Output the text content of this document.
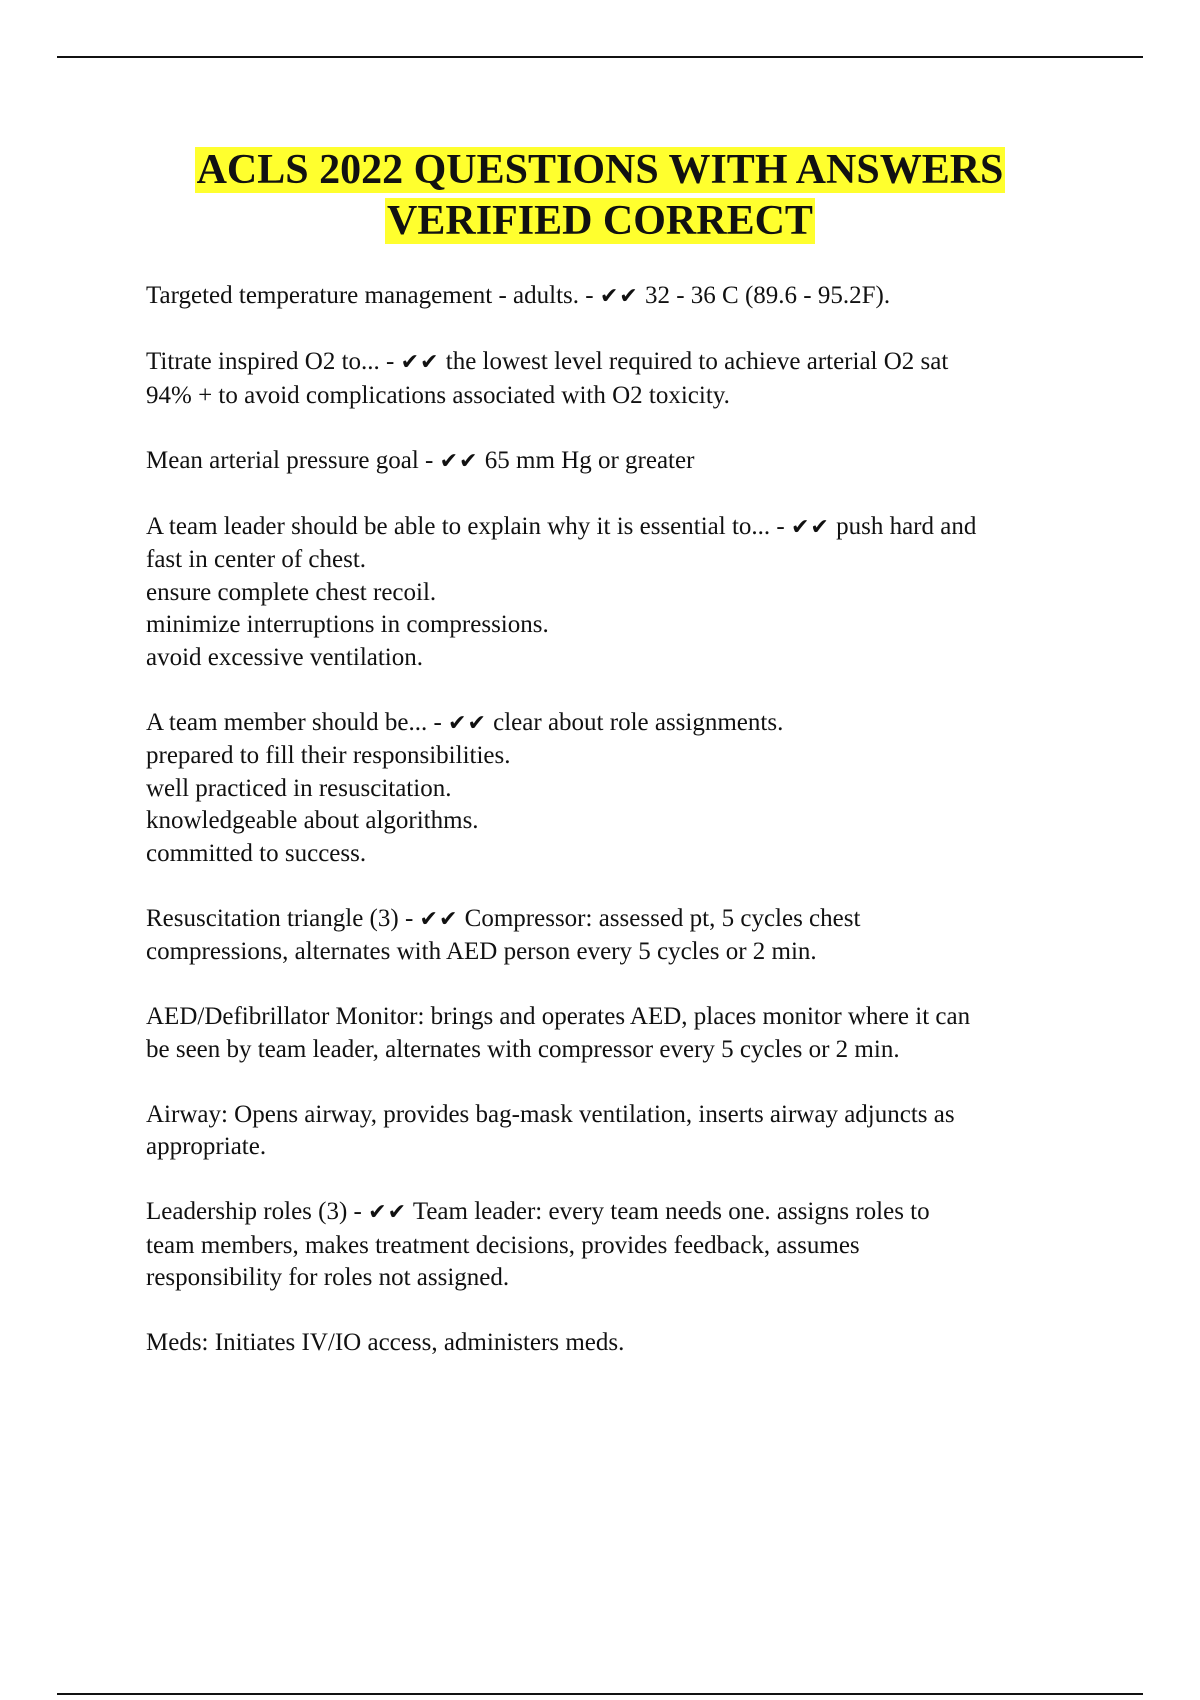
ACLS 2022 QUESTIONS WITH ANSWERS
VERIFIED CORRECT

Targeted temperature management - adults. - ✔✔ 32 - 36 C (89.6 - 95.2F).

Titrate inspired O2 to... - ✔✔ the lowest level required to achieve arterial O2 sat
94% + to avoid complications associated with O2 toxicity.

Mean arterial pressure goal - ✔✔ 65 mm Hg or greater

A team leader should be able to explain why it is essential to... - ✔✔ push hard and
fast in center of chest.
ensure complete chest recoil.
minimize interruptions in compressions.
avoid excessive ventilation.

A team member should be... - ✔✔ clear about role assignments.
prepared to fill their responsibilities.
well practiced in resuscitation.
knowledgeable about algorithms.
committed to success.

Resuscitation triangle (3) - ✔✔ Compressor: assessed pt, 5 cycles chest
compressions, alternates with AED person every 5 cycles or 2 min.

AED/Defibrillator Monitor: brings and operates AED, places monitor where it can
be seen by team leader, alternates with compressor every 5 cycles or 2 min.

Airway: Opens airway, provides bag-mask ventilation, inserts airway adjuncts as
appropriate.

Leadership roles (3) - ✔✔ Team leader: every team needs one. assigns roles to
team members, makes treatment decisions, provides feedback, assumes
responsibility for roles not assigned.

Meds: Initiates IV/IO access, administers meds.
